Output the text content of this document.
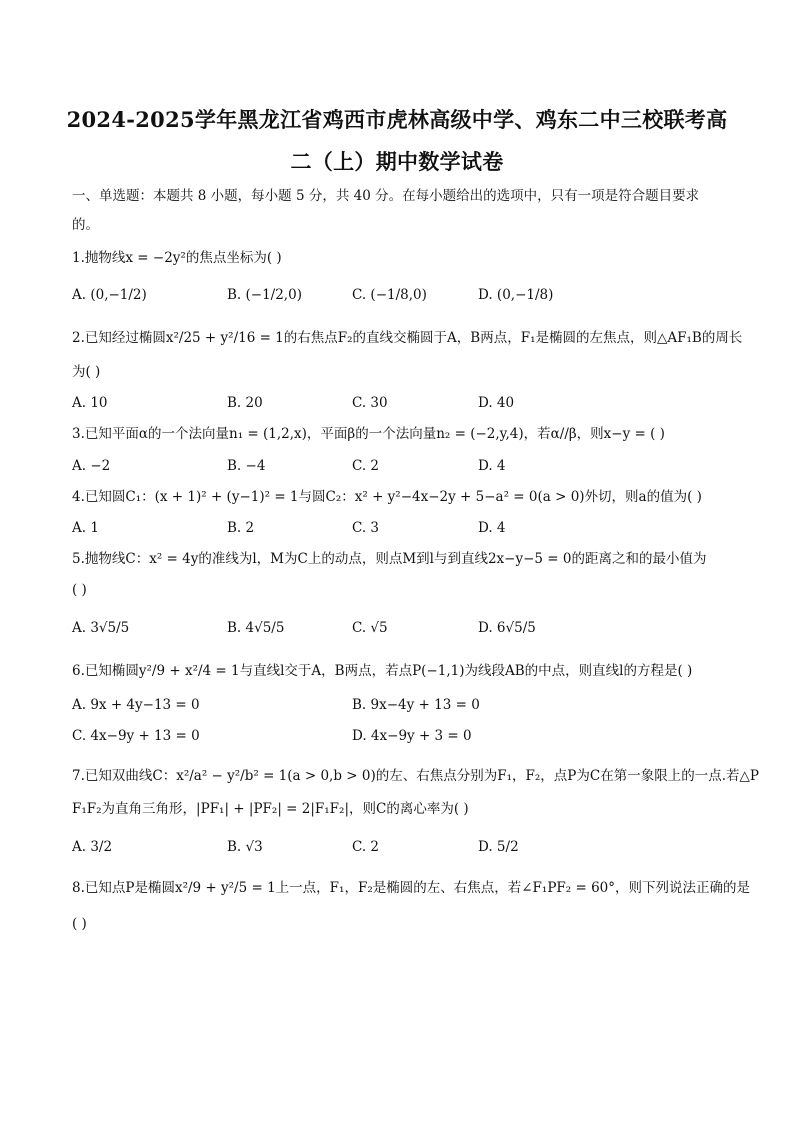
2024-2025学年黑龙江省鸡西市虎林高级中学、鸡东二中三校联考高
二（上）期中数学试卷
一、单选题：本题共 8 小题，每小题 5 分，共 40 分。在每小题给出的选项中，只有一项是符合题目要求
的。
1.抛物线x = −2y²的焦点坐标为( )
A. (0,−1/2)	B. (−1/2,0)	C. (−1/8,0)	D. (0,−1/8)
2.已知经过椭圆x²/25 + y²/16 = 1的右焦点F₂的直线交椭圆于A，B两点，F₁是椭圆的左焦点，则△AF₁B的周长
为( )
A. 10	B. 20	C. 30	D. 40
3.已知平面α的一个法向量n₁ = (1,2,x)，平面β的一个法向量n₂ = (−2,y,4)，若α//β，则x−y = ( )
A. −2	B. −4	C. 2	D. 4
4.已知圆C₁：(x + 1)² + (y−1)² = 1与圆C₂：x² + y²−4x−2y + 5−a² = 0(a > 0)外切，则a的值为( )
A. 1	B. 2	C. 3	D. 4
5.抛物线C：x² = 4y的准线为l，M为C上的动点，则点M到l与到直线2x−y−5 = 0的距离之和的最小值为
( )
A. 3√5/5	B. 4√5/5	C. √5	D. 6√5/5
6.已知椭圆y²/9 + x²/4 = 1与直线l交于A，B两点，若点P(−1,1)为线段AB的中点，则直线l的方程是( )
A. 9x + 4y−13 = 0	B. 9x−4y + 13 = 0
C. 4x−9y + 13 = 0	D. 4x−9y + 3 = 0
7.已知双曲线C：x²/a² − y²/b² = 1(a > 0,b > 0)的左、右焦点分别为F₁，F₂，点P为C在第一象限上的一点.若△P
F₁F₂为直角三角形，|PF₁| + |PF₂| = 2|F₁F₂|，则C的离心率为( )
A. 3/2	B. √3	C. 2	D. 5/2
8.已知点P是椭圆x²/9 + y²/5 = 1上一点，F₁，F₂是椭圆的左、右焦点，若∠F₁PF₂ = 60°，则下列说法正确的是
( )
